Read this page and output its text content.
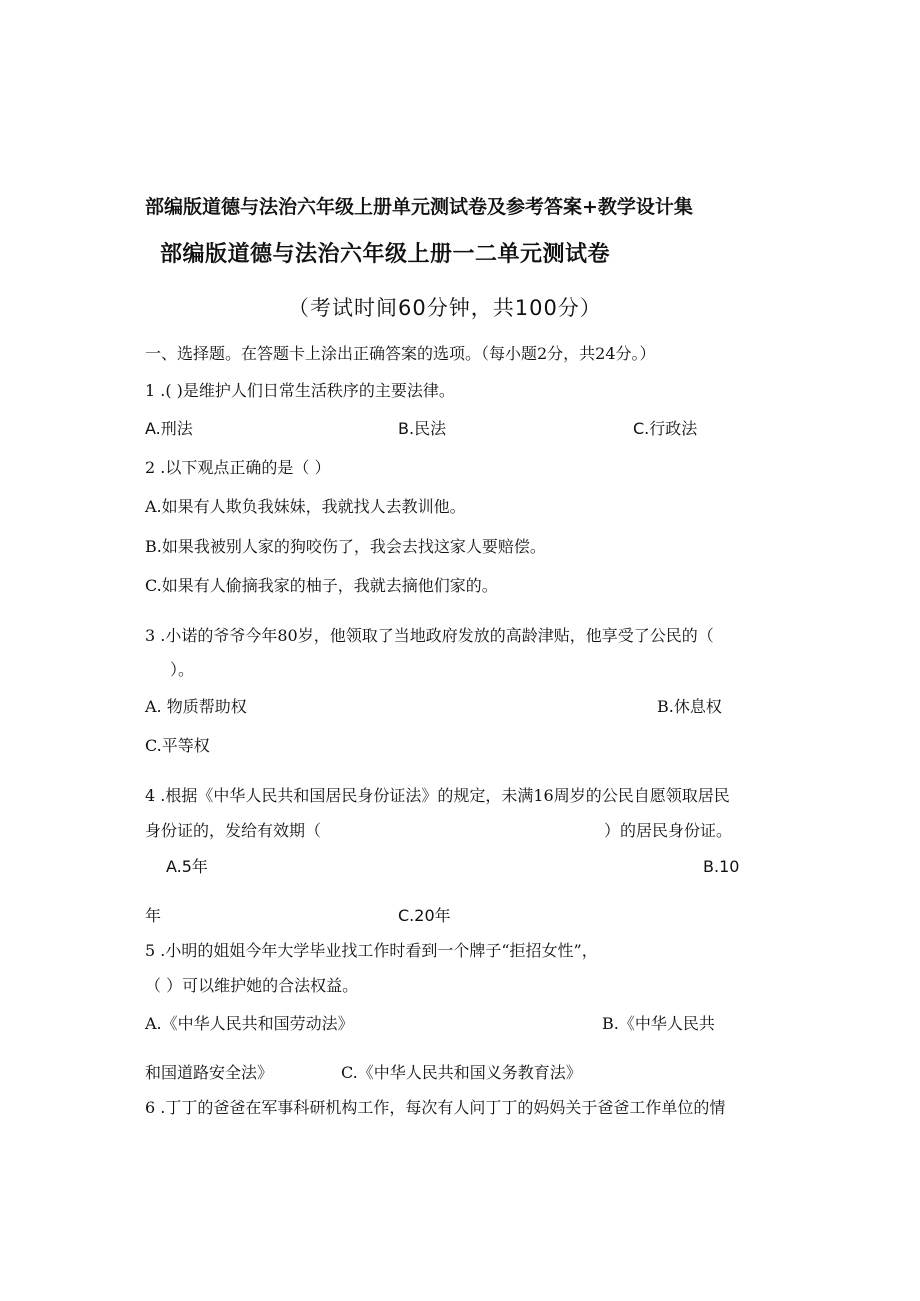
部编版道德与法治六年级上册单元测试卷及参考答案+教学设计集
部编版道德与法治六年级上册一二单元测试卷
（考试时间60分钟，共100分）
一、选择题。在答题卡上涂出正确答案的选项。（每小题2分，共24分。）
1 .( )是维护人们日常生活秩序的主要法律。
A.刑法	B.民法	C.行政法
2 .以下观点正确的是（ ）
A.如果有人欺负我妹妹，我就找人去教训他。
B.如果我被别人家的狗咬伤了，我会去找这家人要赔偿。
C.如果有人偷摘我家的柚子，我就去摘他们家的。
3 .小诺的爷爷今年80岁，他领取了当地政府发放的高龄津贴，他享受了公民的（
）。
A. 物质帮助权	B.休息权
C.平等权
4 .根据《中华人民共和国居民身份证法》的规定，未满16周岁的公民自愿领取居民
身份证的，发给有效期（	）的居民身份证。
A.5年	B.10
年	C.20年
5 .小明的姐姐今年大学毕业找工作时看到一个牌子“拒招女性”，
（ ）可以维护她的合法权益。
A.《中华人民共和国劳动法》	B.《中华人民共
和国道路安全法》	C.《中华人民共和国义务教育法》
6 .丁丁的爸爸在军事科研机构工作，每次有人问丁丁的妈妈关于爸爸工作单位的情
